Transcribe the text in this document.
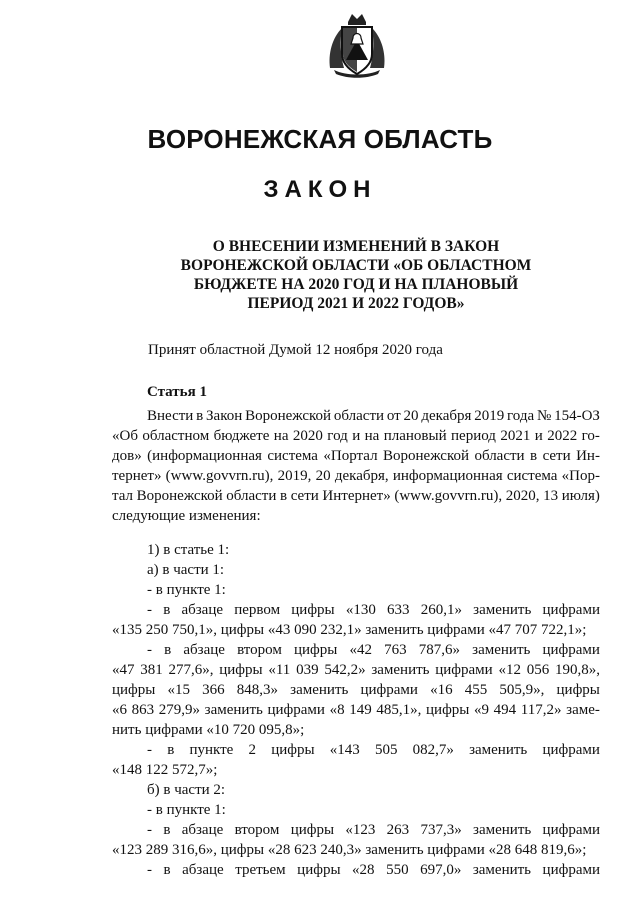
ВОРОНЕЖСКАЯ ОБЛАСТЬ
ЗАКОН
О ВНЕСЕНИИ ИЗМЕНЕНИЙ В ЗАКОН
ВОРОНЕЖСКОЙ ОБЛАСТИ «ОБ ОБЛАСТНОМ
БЮДЖЕТЕ НА 2020 ГОД И НА ПЛАНОВЫЙ
ПЕРИОД 2021 И 2022 ГОДОВ»
Принят областной Думой 12 ноября 2020 года
Статья 1
Внести в Закон Воронежской области от 20 декабря 2019 года № 154-ОЗ
«Об областном бюджете на 2020 год и на плановый период 2021 и 2022 го-
дов» (информационная система «Портал Воронежской области в сети Ин-
тернет» (www.govvrn.ru), 2019, 20 декабря, информационная система «Пор-
тал Воронежской области в сети Интернет» (www.govvrn.ru), 2020, 13 июля)
следующие изменения:
1) в статье 1:
а) в части 1:
- в пункте 1:
- в абзаце первом цифры «130 633 260,1» заменить цифрами
«135 250 750,1», цифры «43 090 232,1» заменить цифрами «47 707 722,1»;
- в абзаце втором цифры «42 763 787,6» заменить цифрами
«47 381 277,6», цифры «11 039 542,2» заменить цифрами «12 056 190,8»,
цифры «15 366 848,3» заменить цифрами «16 455 505,9», цифры
«6 863 279,9» заменить цифрами «8 149 485,1», цифры «9 494 117,2» заме-
нить цифрами «10 720 095,8»;
- в пункте 2 цифры «143 505 082,7» заменить цифрами
«148 122 572,7»;
б) в части 2:
- в пункте 1:
- в абзаце втором цифры «123 263 737,3» заменить цифрами
«123 289 316,6», цифры «28 623 240,3» заменить цифрами «28 648 819,6»;
- в абзаце третьем цифры «28 550 697,0» заменить цифрами
